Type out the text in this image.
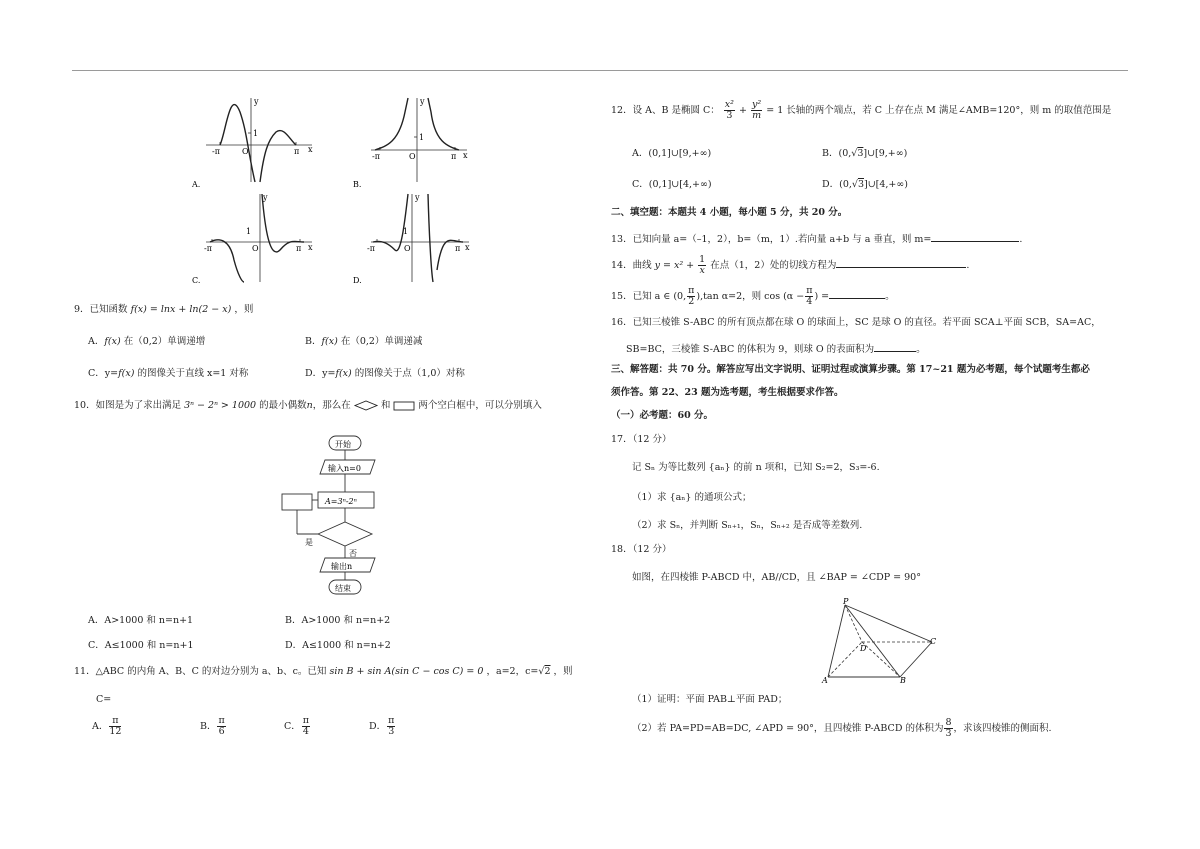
y
x
O
1
-π	π
A.
y
x
O
1
-π	π
B.
y
x
O
1
-π	π
C.
y
x
O
1
-π	π
D.
9．已知函数 f(x) = lnx + ln(2 − x) ，则
A．f(x) 在（0,2）单调递增	B．f(x) 在（0,2）单调递减
C．y=f(x) 的图像关于直线 x=1 对称	D．y=f(x) 的图像关于点（1,0）对称
10．如图是为了求出满足 3ⁿ − 2ⁿ > 1000 的最小偶数n，那么在	和	两个空白框中，可以分别填入
开始
输入n=0
A=3ⁿ-2ⁿ
是
否
输出n
结束
A．A>1000 和 n=n+1	B．A>1000 和 n=n+2
C．A≤1000 和 n=n+1	D．A≤1000 和 n=n+2
11．△ABC 的内角 A、B、C 的对边分别为 a、b、c。已知 sin B + sin A(sin C − cos C) = 0 ，a=2，c=√2 ，则
C=
A． $\frac{\pi}{12}$	B． $\frac{\pi}{6}$	C． $\frac{\pi}{4}$	D． $\frac{\pi}{3}$
12．设 A、B 是椭圆 C： $\frac{\text{x²}}{3} + \frac{\text{y²}}{m} = 1$ 长轴的两个端点，若 C 上存在点 M 满足∠AMB=120°，则 m 的取值范围是
A．(0,1]∪[9,+∞)	B．(0,√3]∪[9,+∞)
C．(0,1]∪[4,+∞)	D．(0,√3]∪[4,+∞)
二、填空题：本题共 4 小题，每小题 5 分，共 20 分。
13．已知向量 a=（–1，2），b=（m，1）.若向量 a+b 与 a 垂直，则 m=	.
14．曲线 $y = x^2 + \frac{1}{x}$ 在点（1，2）处的切线方程为	.
15．已知 a ∈ (0, $\frac{\pi}{2} ),\tan$ α=2，则 $\cos (\alpha - \frac{\pi}{4}$ ) =	。
16．已知三棱锥 S-ABC 的所有顶点都在球 O 的球面上，SC 是球 O 的直径。若平面 SCA⊥平面 SCB，SA=AC，
SB=BC，三棱锥 S-ABC 的体积为 9，则球 O 的表面积为	。
三、解答题：共 70 分。解答应写出文字说明、证明过程或演算步骤。第 17~21 题为必考题，每个试题考生都必
须作答。第 22、23 题为选考题，考生根据要求作答。
（一）必考题：60 分。
17．（12 分）
记 Sₙ 为等比数列 {aₙ} 的前 n 项和，已知 S₂=2，S₃=-6.
（1）求 {aₙ} 的通项公式；
（2）求 Sₙ，并判断 Sₙ₊₁，Sₙ，Sₙ₊₂ 是否成等差数列.
18．（12 分）
如图，在四棱锥 P-ABCD 中，AB//CD，且 ∠BAP = ∠CDP = 90°
P
A	B
C
D
（1）证明：平面 PAB⊥平面 PAD；
（2）若 PA=PD=AB=DC, ∠APD = 90°，且四棱锥 P-ABCD 的体积为 $\frac{8}{3}$ ，求该四棱锥的侧面积.
